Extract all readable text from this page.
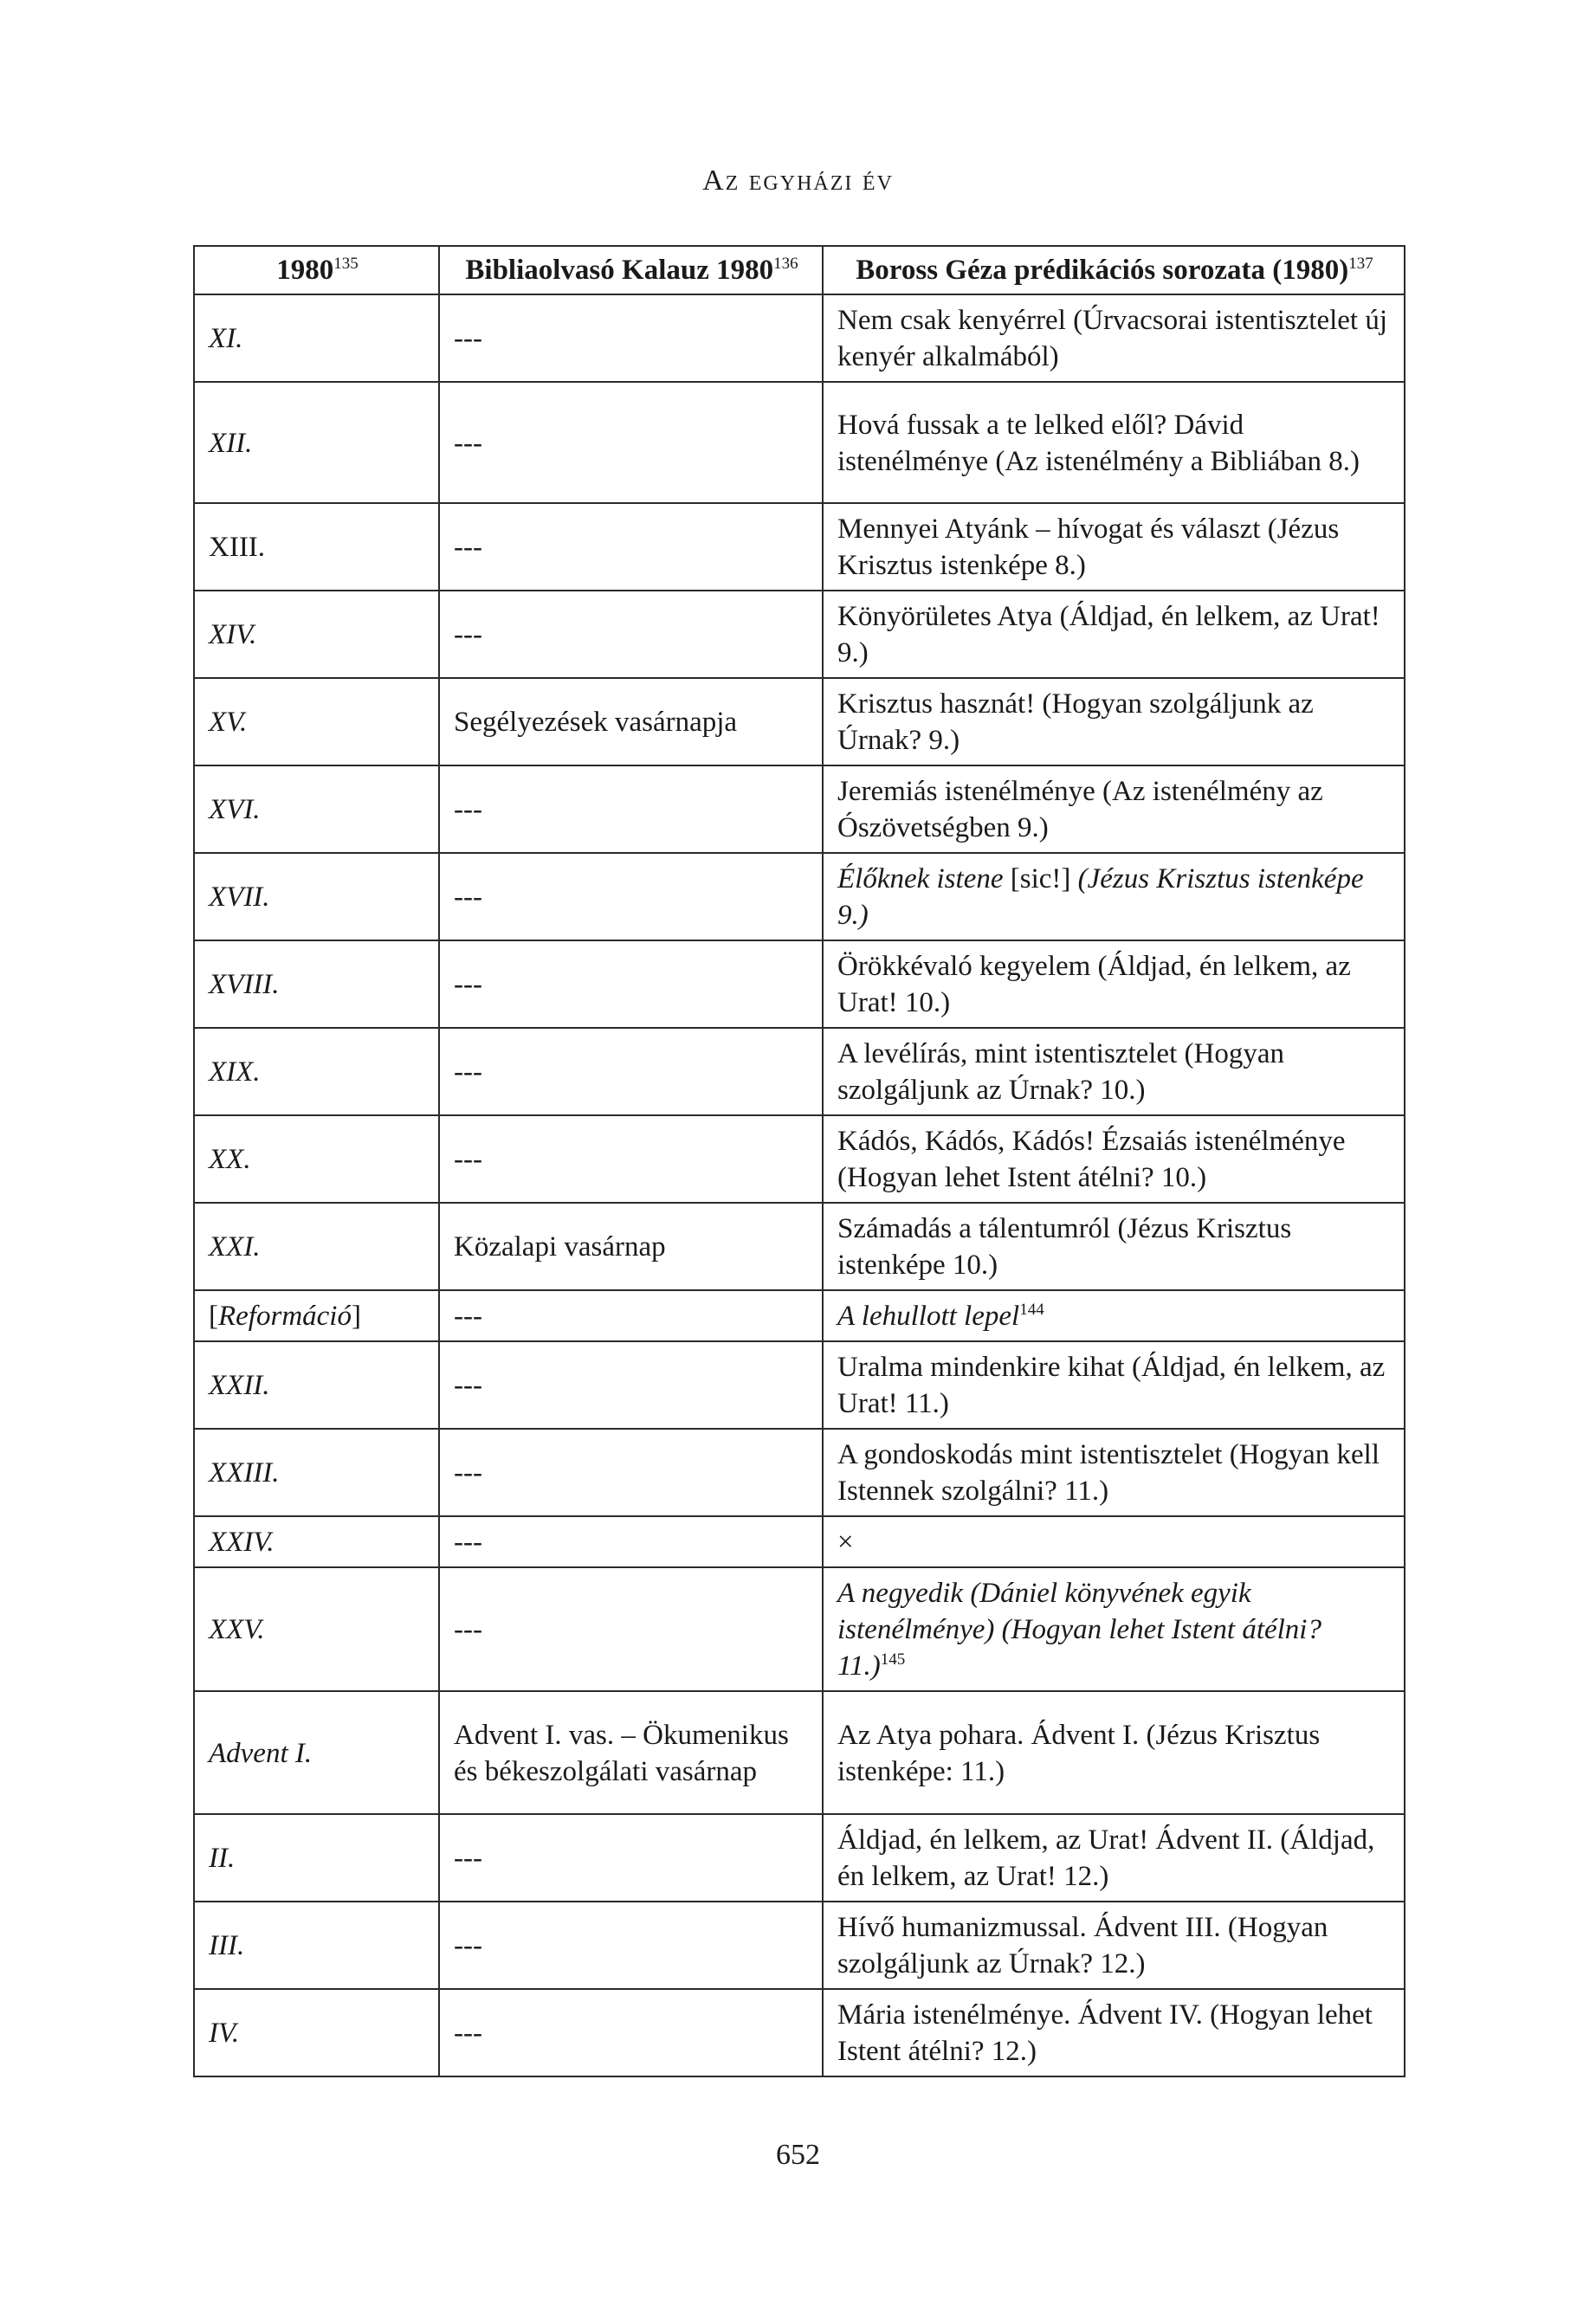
Az egyházi év
1980$^{135}$	Bibliaolvasó Kalauz 1980$^{136}$	Boross Géza prédikációs sorozata $(1980)^{137}$
XI.	---	Nem csak kenyérrel (Úrvacsorai istentisztelet új kenyér alkalmából)
XII.	---	Hová fussak a te lelked elől? Dávid istenélménye (Az istenélmény a Bibliában 8.)
XIII.	---	Mennyei Atyánk – hívogat és választ (Jézus Krisztus istenképe 8.)
XIV.	---	Könyörületes Atya (Áldjad, én lelkem, az Urat! 9.)
XV.	Segélyezések vasárnapja	Krisztus hasznát! (Hogyan szolgáljunk az Úrnak? 9.)
XVI.	---	Jeremiás istenélménye (Az istenélmény az Ószövetségben 9.)
XVII.	---	Élőknek istene [sic!] (Jézus Krisztus istenképe 9.)
XVIII.	---	Örökkévaló kegyelem (Áldjad, én lelkem, az Urat! 10.)
XIX.	---	A levélírás, mint istentisztelet (Hogyan szolgáljunk az Úrnak? 10.)
XX.	---	Kádós, Kádós, Kádós! Ézsaiás istenélménye (Hogyan lehet Istent átélni? 10.)
XXI.	Közalapi vasárnap	Számadás a tálentumról (Jézus Krisztus istenképe 10.)
[Reformáció]	---	A lehullott lepel$^{144}$
XXII.	---	Uralma mindenkire kihat (Áldjad, én lelkem, az Urat! 11.)
XXIII.	---	A gondoskodás mint istentisztelet (Hogyan kell Istennek szolgálni? 11.)
XXIV.	---	×
XXV.	---	A negyedik (Dániel könyvének egyik istenélménye) (Hogyan lehet Istent átélni? 11.)$^{145}$
Advent I.	Advent I. vas. – Ökumenikus és békeszolgálati vasárnap	Az Atya pohara. Ádvent I. (Jézus Krisztus istenképe: 11.)
II.	---	Áldjad, én lelkem, az Urat! Ádvent II. (Áldjad, én lelkem, az Urat! 12.)
III.	---	Hívő humanizmussal. Ádvent III. (Hogyan szolgáljunk az Úrnak? 12.)
IV.	---	Mária istenélménye. Ádvent IV. (Hogyan lehet Istent átélni? 12.)
652
